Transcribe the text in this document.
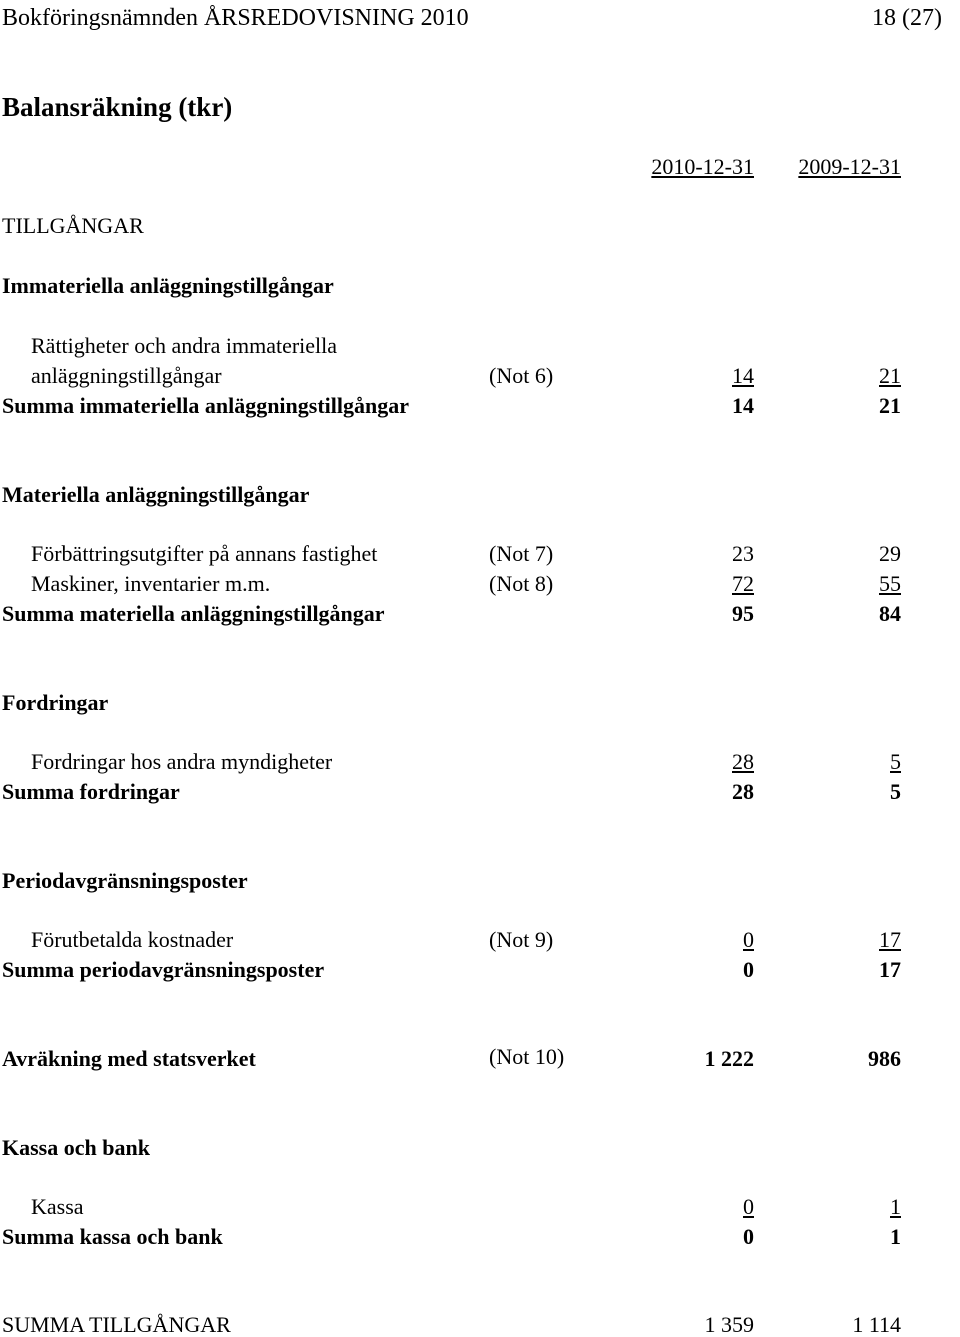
Bokföringsnämnden ÅRSREDOVISNING 2010	18 (27)
Balansräkning (tkr)
2010-12-31 2009-12-31
TILLGÅNGAR
Immateriella anläggningstillgångar
Rättigheter och andra immateriella
anläggningstillgångar	(Not 6)	14	21
Summa immateriella anläggningstillgångar	14	21
Materiella anläggningstillgångar
Förbättringsutgifter på annans fastighet	(Not 7)	23	29
Maskiner, inventarier m.m.	(Not 8)	72	55
Summa materiella anläggningstillgångar	95	84
Fordringar
Fordringar hos andra myndigheter	28	5
Summa fordringar	28	5
Periodavgränsningsposter
Förutbetalda kostnader	(Not 9)	0	17
Summa periodavgränsningsposter	0	17
Avräkning med statsverket	(Not 10)	1 222	986
Kassa och bank
Kassa	0	1
Summa kassa och bank	0	1
SUMMA TILLGÅNGAR	1 359	1 114
